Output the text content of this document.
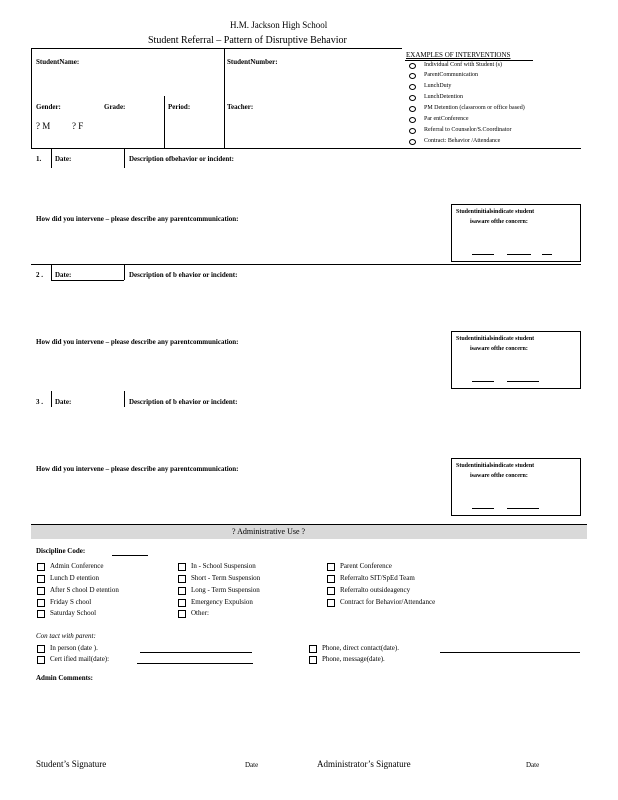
H.M. Jackson High School
Student Referral – Pattern of Disruptive Behavior
StudentName:	StudentNumber:
Gender:	Grade:	Period:	Teacher:
? M ? F
EXAMPLES OF INTERVENTIONS
Individual Conf with Student (s)
ParentCommunication
LunchDuty
LunchDetention
PM Detention (classroom or office based)
Par entConference
Referral to Counselor/S.Coordinator
Contract: Behavior /Attendance
1. Date:	Description ofbehavior or incident:
How did you intervene – please describe any parentcommunication:
Studentinitialsindicate student
isaware ofthe concern:
2 . Date:	Description of b ehavior or incident:
How did you intervene – please describe any parentcommunication:	Studentinitialsindicate student
isaware ofthe concern:
3 . Date:	Description of b ehavior or incident:
How did you intervene – please describe any parentcommunication:	Studentinitialsindicate student
isaware ofthe concern:
? Administrative Use ?
Discipline Code:
Admin Conference
Lunch D etention
After S chool D etention
Friday S chool
Saturday School
In - School Suspension
Short - Term Suspension
Long - Term Suspension
Emergency Expulsion
Other:
Parent Conference
Referralto SIT/SpEd Team
Referralto outsideagency
Contract for Behavior/Attendance
Con tact with parent:
In person (date ).
Cert ified mail(date):
Phone, direct contact(date).
Phone, message(date).
Admin Comments:
Student’s Signature	Date	Administrator’s Signature	Date
